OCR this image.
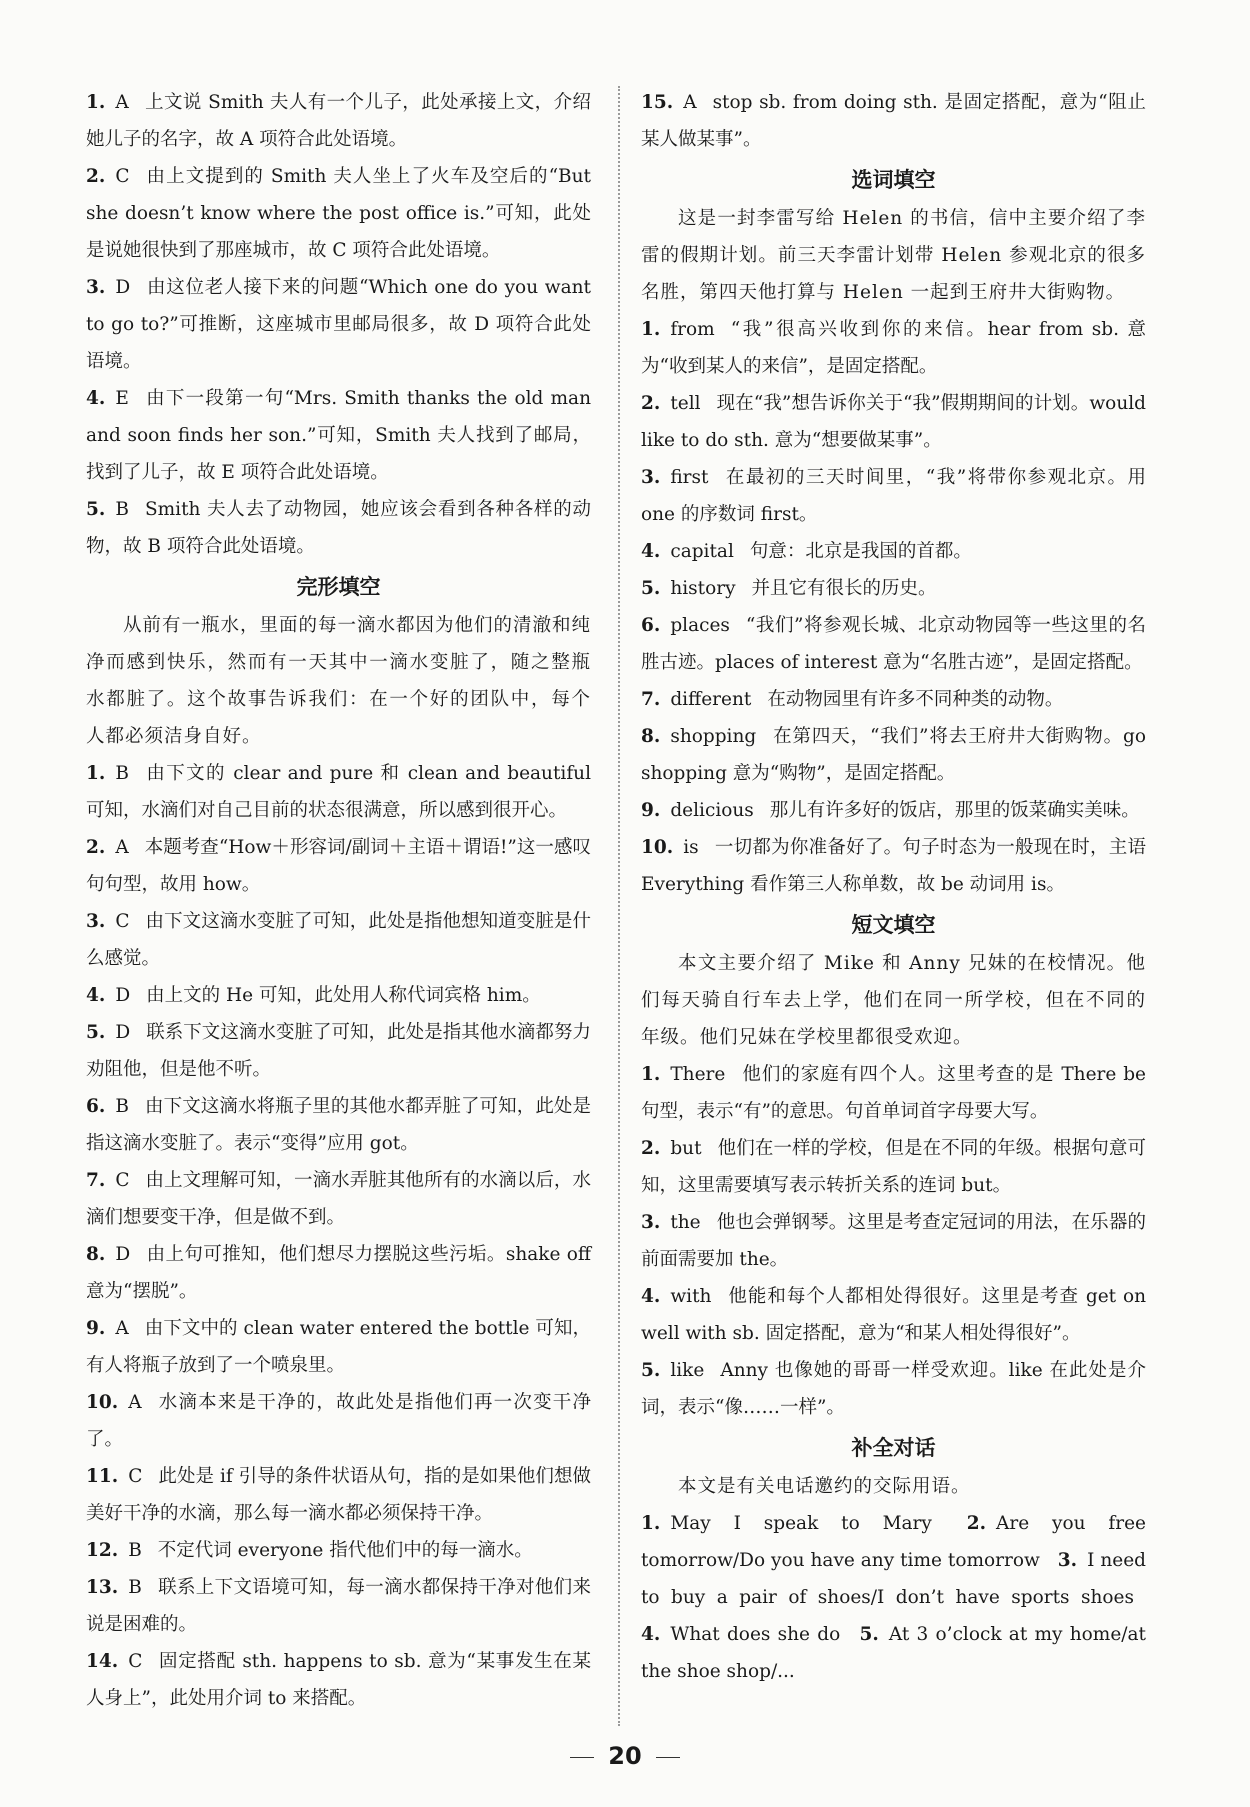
1. A 上文说 Smith 夫人有一个儿子，此处承接上文，介绍她儿子的名字，故 A 项符合此处语境。

2. C 由上文提到的 Smith 夫人坐上了火车及空后的“But she doesn’t know where the post office is.”可知，此处是说她很快到了那座城市，故 C 项符合此处语境。

3. D 由这位老人接下来的问题“Which one do you want to go to?”可推断，这座城市里邮局很多，故 D 项符合此处语境。

4. E 由下一段第一句“Mrs. Smith thanks the old man and soon finds her son.”可知，Smith 夫人找到了邮局，找到了儿子，故 E 项符合此处语境。

5. B Smith 夫人去了动物园，她应该会看到各种各样的动物，故 B 项符合此处语境。

完形填空

从前有一瓶水，里面的每一滴水都因为他们的清澈和纯净而感到快乐，然而有一天其中一滴水变脏了，随之整瓶水都脏了。这个故事告诉我们：在一个好的团队中，每个人都必须洁身自好。

1. B 由下文的 clear and pure 和 clean and beautiful 可知，水滴们对自己目前的状态很满意，所以感到很开心。

2. A 本题考查“How＋形容词/副词＋主语＋谓语!”这一感叹句句型，故用 how。

3. C 由下文这滴水变脏了可知，此处是指他想知道变脏是什么感觉。

4. D 由上文的 He 可知，此处用人称代词宾格 him。

5. D 联系下文这滴水变脏了可知，此处是指其他水滴都努力劝阻他，但是他不听。

6. B 由下文这滴水将瓶子里的其他水都弄脏了可知，此处是指这滴水变脏了。表示“变得”应用 got。

7. C 由上文理解可知，一滴水弄脏其他所有的水滴以后，水滴们想要变干净，但是做不到。

8. D 由上句可推知，他们想尽力摆脱这些污垢。shake off 意为“摆脱”。

9. A 由下文中的 clean water entered the bottle 可知，有人将瓶子放到了一个喷泉里。

10. A 水滴本来是干净的，故此处是指他们再一次变干净了。

11. C 此处是 if 引导的条件状语从句，指的是如果他们想做美好干净的水滴，那么每一滴水都必须保持干净。

12. B 不定代词 everyone 指代他们中的每一滴水。

13. B 联系上下文语境可知，每一滴水都保持干净对他们来说是困难的。

14. C 固定搭配 sth. happens to sb. 意为“某事发生在某人身上”，此处用介词 to 来搭配。

15. A stop sb. from doing sth. 是固定搭配，意为“阻止某人做某事”。

选词填空

这是一封李雷写给 Helen 的书信，信中主要介绍了李雷的假期计划。前三天李雷计划带 Helen 参观北京的很多名胜，第四天他打算与 Helen 一起到王府井大街购物。

1. from “我”很高兴收到你的来信。hear from sb. 意为“收到某人的来信”，是固定搭配。

2. tell 现在“我”想告诉你关于“我”假期期间的计划。would like to do sth. 意为“想要做某事”。

3. first 在最初的三天时间里，“我”将带你参观北京。用 one 的序数词 first。

4. capital 句意：北京是我国的首都。

5. history 并且它有很长的历史。

6. places “我们”将参观长城、北京动物园等一些这里的名胜古迹。places of interest 意为“名胜古迹”，是固定搭配。

7. different 在动物园里有许多不同种类的动物。

8. shopping 在第四天，“我们”将去王府井大街购物。go shopping 意为“购物”，是固定搭配。

9. delicious 那儿有许多好的饭店，那里的饭菜确实美味。

10. is 一切都为你准备好了。句子时态为一般现在时，主语 Everything 看作第三人称单数，故 be 动词用 is。

短文填空

本文主要介绍了 Mike 和 Anny 兄妹的在校情况。他们每天骑自行车去上学，他们在同一所学校，但在不同的年级。他们兄妹在学校里都很受欢迎。

1. There 他们的家庭有四个人。这里考查的是 There be 句型，表示“有”的意思。句首单词首字母要大写。

2. but 他们在一样的学校，但是在不同的年级。根据句意可知，这里需要填写表示转折关系的连词 but。

3. the 他也会弹钢琴。这里是考查定冠词的用法，在乐器的前面需要加 the。

4. with 他能和每个人都相处得很好。这里是考查 get on well with sb. 固定搭配，意为“和某人相处得很好”。

5. like Anny 也像她的哥哥一样受欢迎。like 在此处是介词，表示“像……一样”。

补全对话

本文是有关电话邀约的交际用语。

1. May I speak to Mary 2. Are you free tomorrow/Do you have any time tomorrow 3. I need to buy a pair of shoes/I don’t have sports shoes 4. What does she do 5. At 3 o’clock at my home/at the shoe shop/...

20
